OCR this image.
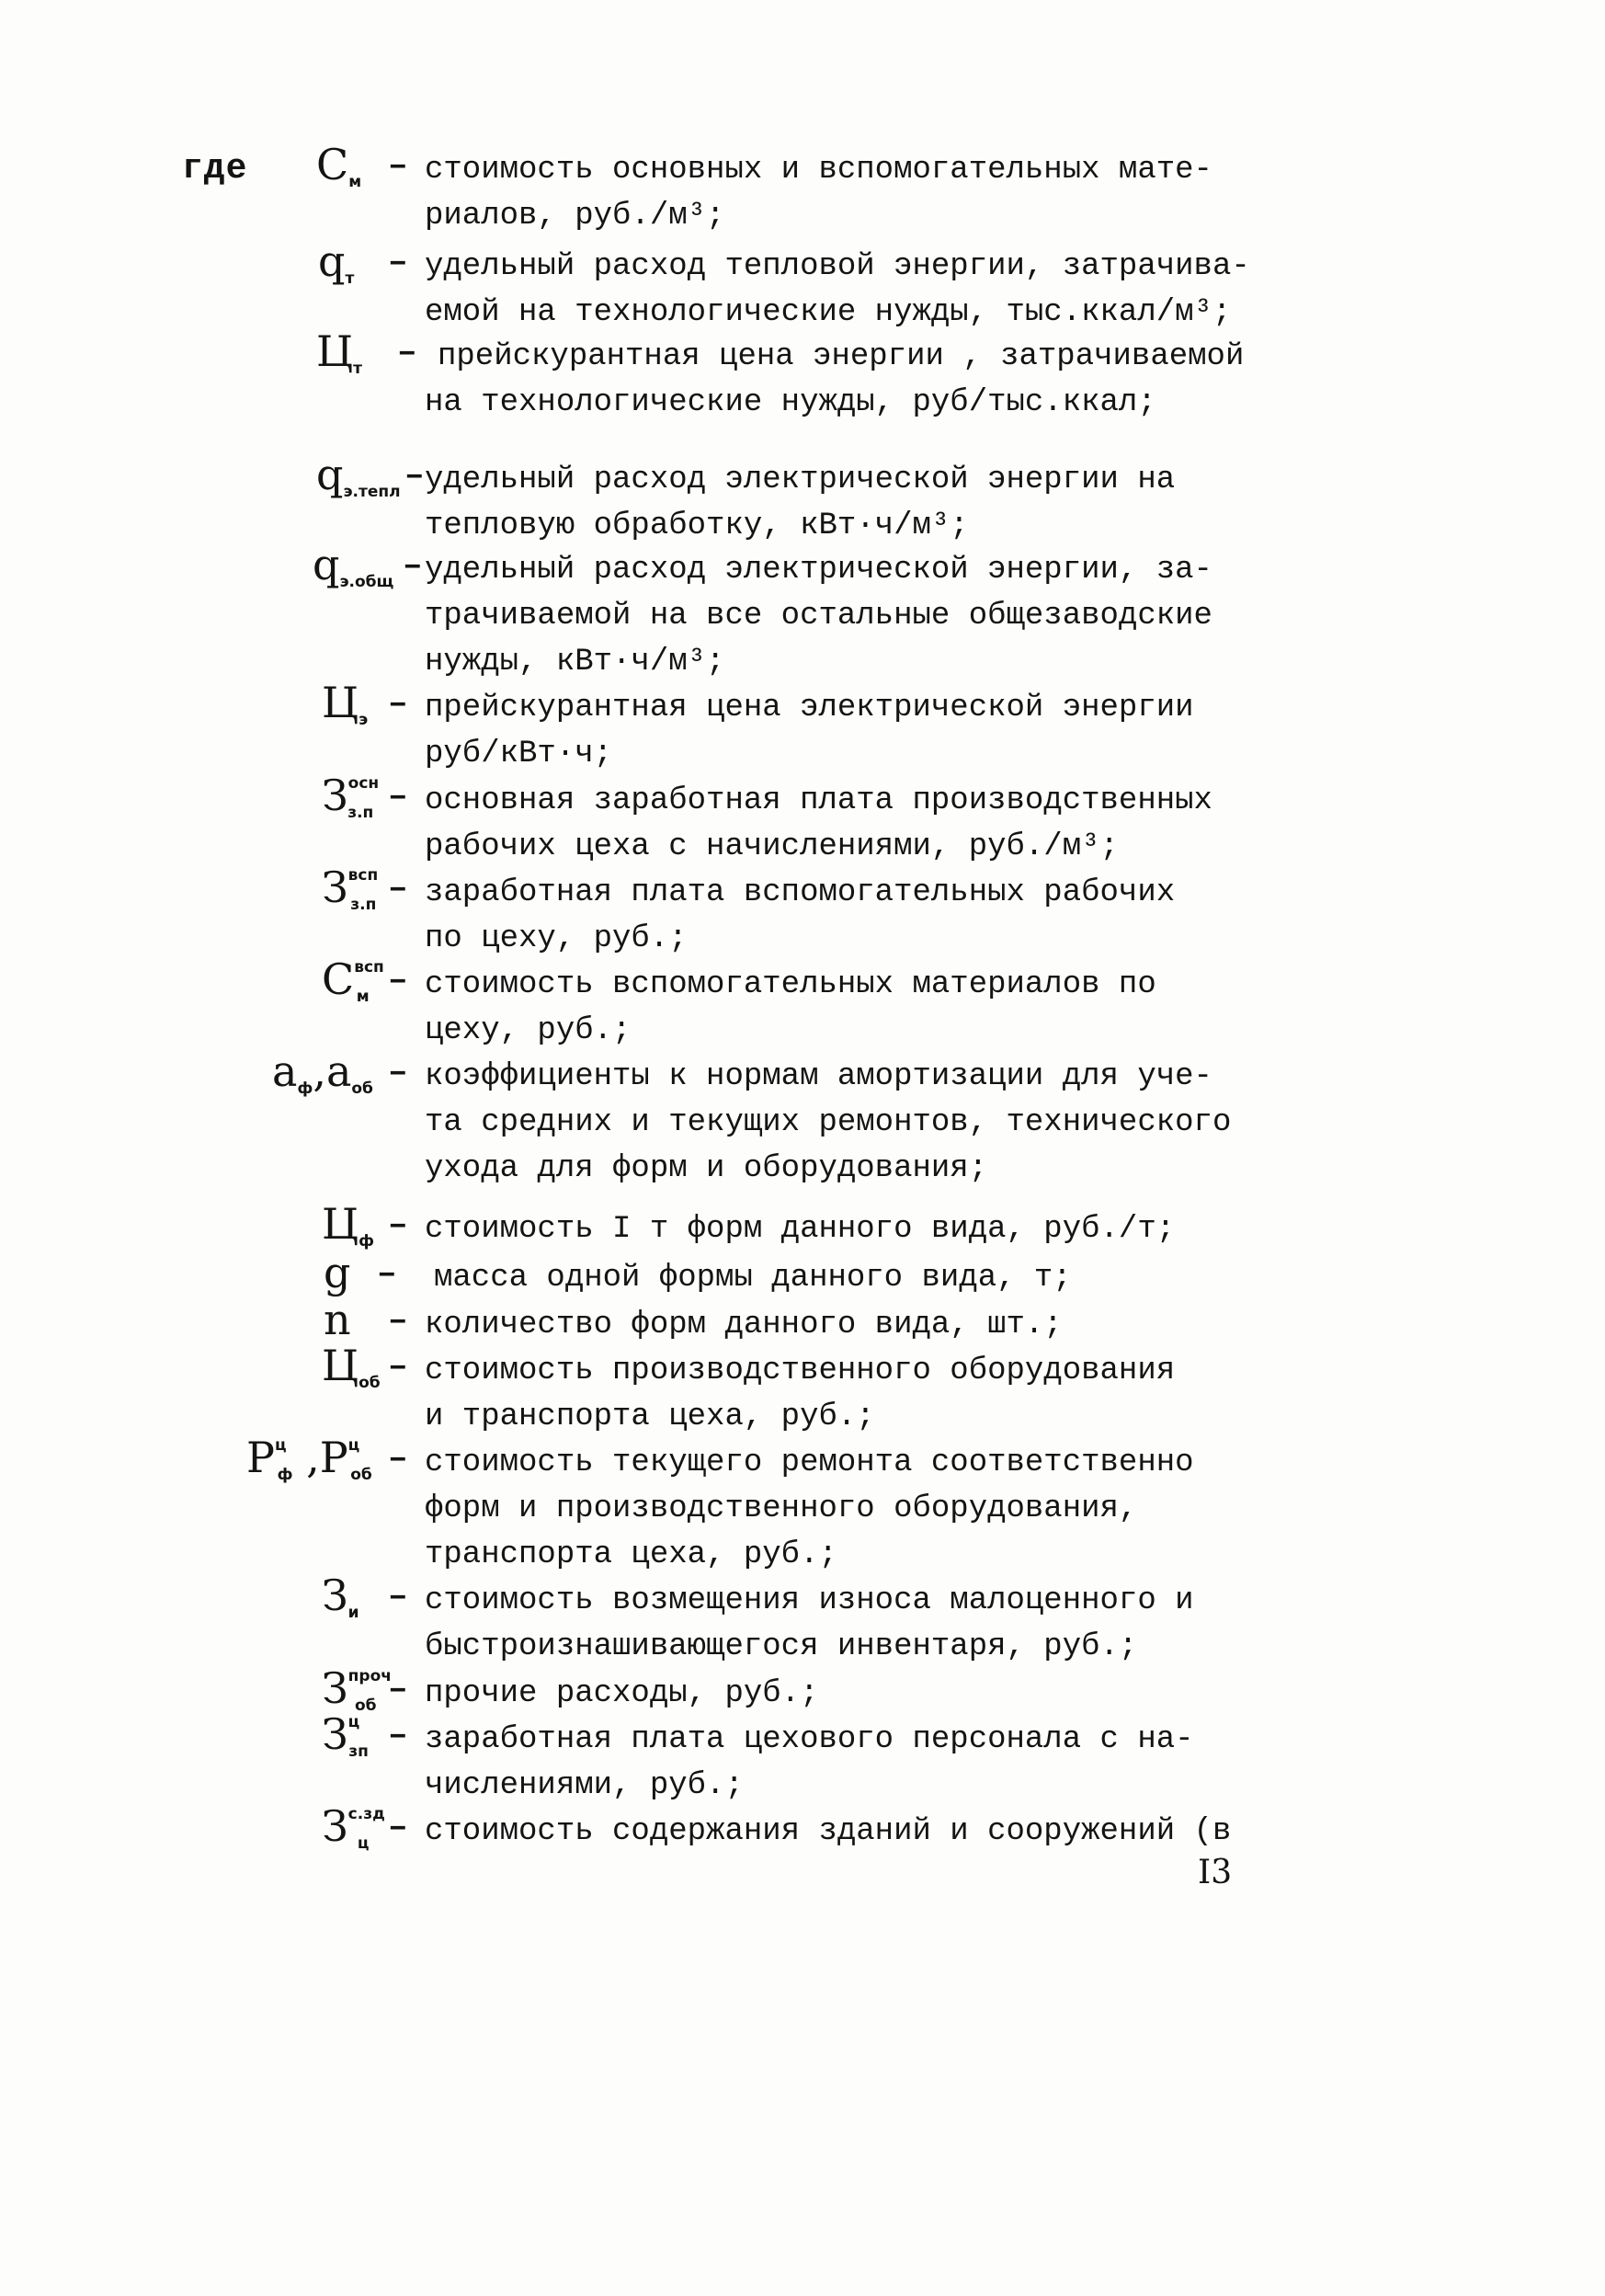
где $С_м$ – стоимость основных и вспомогательных мате-
риалов, руб./м³;
$q_т$ – удельный расход тепловой энергии, затрачива-
емой на технологические нужды, тыс.ккал/м³;
$Ц_т$ – прейскурантная цена энергии , затрачиваемой
на технологические нужды, руб/тыс.ккал;
$q_{э.тепл}$ – удельный расход электрической энергии на
тепловую обработку, кВт·ч/м³;
$q_{э.общ}$ – удельный расход электрической энергии, за-
трачиваемой на все остальные общезаводские
нужды, кВт·ч/м³;
$Ц_э$ – прейскурантная цена электрической энергии
руб/кВт·ч;
$З^{осн}_{з.п}$ – основная заработная плата производственных
рабочих цеха с начислениями, руб./м³;
$З^{всп}_{з.п}$ – заработная плата вспомогательных рабочих
по цеху, руб.;
$С^{всп}_м$ – стоимость вспомогательных материалов по
цеху, руб.;
$а_ф,а_{об}$ – коэффициенты к нормам амортизации для уче-
та средних и текущих ремонтов, технического
ухода для форм и оборудования;
$Ц_ф$ – стоимость I т форм данного вида, руб./т;
g – масса одной формы данного вида, т;
n – количество форм данного вида, шт.;
$Ц_{об}$ – стоимость производственного оборудования
и транспорта цеха, руб.;
$Р^ц_ф$ $,Р^ц_{об}$ – стоимость текущего ремонта соответственно
форм и производственного оборудования,
транспорта цеха, руб.;
$З_и$ – стоимость возмещения износа малоценного и
быстроизнашивающегося инвентаря, руб.;
$З^{проч}_{об}$ – прочие расходы, руб.;
$З^ц_{зп}$ – заработная плата цехового персонала с на-
числениями, руб.;
$З^{с.зд}_ц$ – стоимость содержания зданий и сооружений (в
I3
